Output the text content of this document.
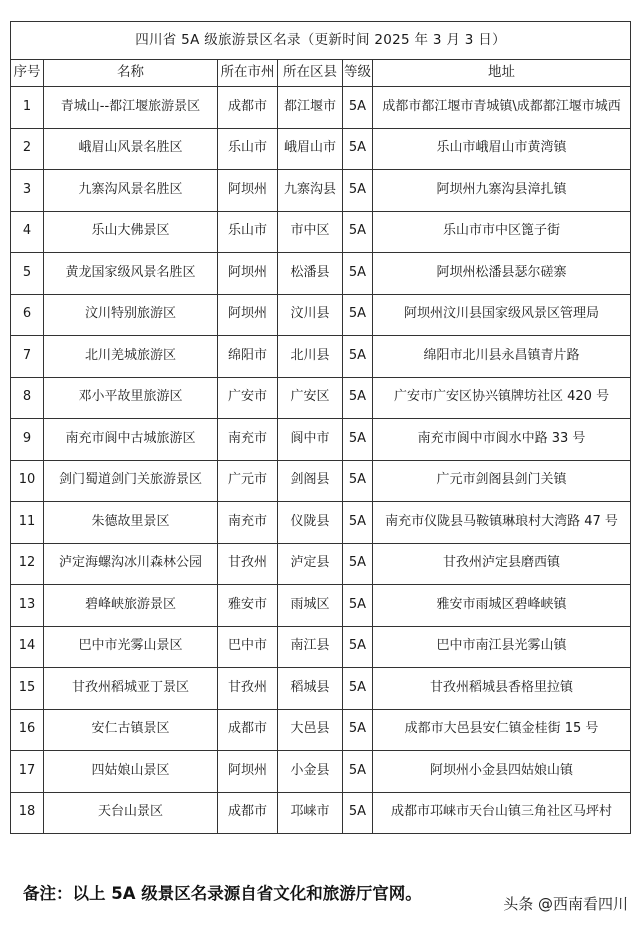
四川省 5A 级旅游景区名录（更新时间 2025 年 3 月 3 日）					
序号	名称	所在市州	所在区县	等级	地址
1	青城山--都江堰旅游景区	成都市	都江堰市	5A	成都市都江堰市青城镇\成都都江堰市城西
2	峨眉山风景名胜区	乐山市	峨眉山市	5A	乐山市峨眉山市黄湾镇
3	九寨沟风景名胜区	阿坝州	九寨沟县	5A	阿坝州九寨沟县漳扎镇
4	乐山大佛景区	乐山市	市中区	5A	乐山市市中区篦子街
5	黄龙国家级风景名胜区	阿坝州	松潘县	5A	阿坝州松潘县瑟尔磋寨
6	汶川特别旅游区	阿坝州	汶川县	5A	阿坝州汶川县国家级风景区管理局
7	北川羌城旅游区	绵阳市	北川县	5A	绵阳市北川县永昌镇青片路
8	邓小平故里旅游区	广安市	广安区	5A	广安市广安区协兴镇牌坊社区 420 号
9	南充市阆中古城旅游区	南充市	阆中市	5A	南充市阆中市阆水中路 33 号
10	剑门蜀道剑门关旅游景区	广元市	剑阁县	5A	广元市剑阁县剑门关镇
11	朱德故里景区	南充市	仪陇县	5A	南充市仪陇县马鞍镇琳琅村大湾路 47 号
12	泸定海螺沟冰川森林公园	甘孜州	泸定县	5A	甘孜州泸定县磨西镇
13	碧峰峡旅游景区	雅安市	雨城区	5A	雅安市雨城区碧峰峡镇
14	巴中市光雾山景区	巴中市	南江县	5A	巴中市南江县光雾山镇
15	甘孜州稻城亚丁景区	甘孜州	稻城县	5A	甘孜州稻城县香格里拉镇
16	安仁古镇景区	成都市	大邑县	5A	成都市大邑县安仁镇金桂街 15 号
17	四姑娘山景区	阿坝州	小金县	5A	阿坝州小金县四姑娘山镇
18	天台山景区	成都市	邛崃市	5A	成都市邛崃市天台山镇三角社区马坪村
备注：以上 5A 级景区名录源自省文化和旅游厅官网。
头条 @西南看四川
